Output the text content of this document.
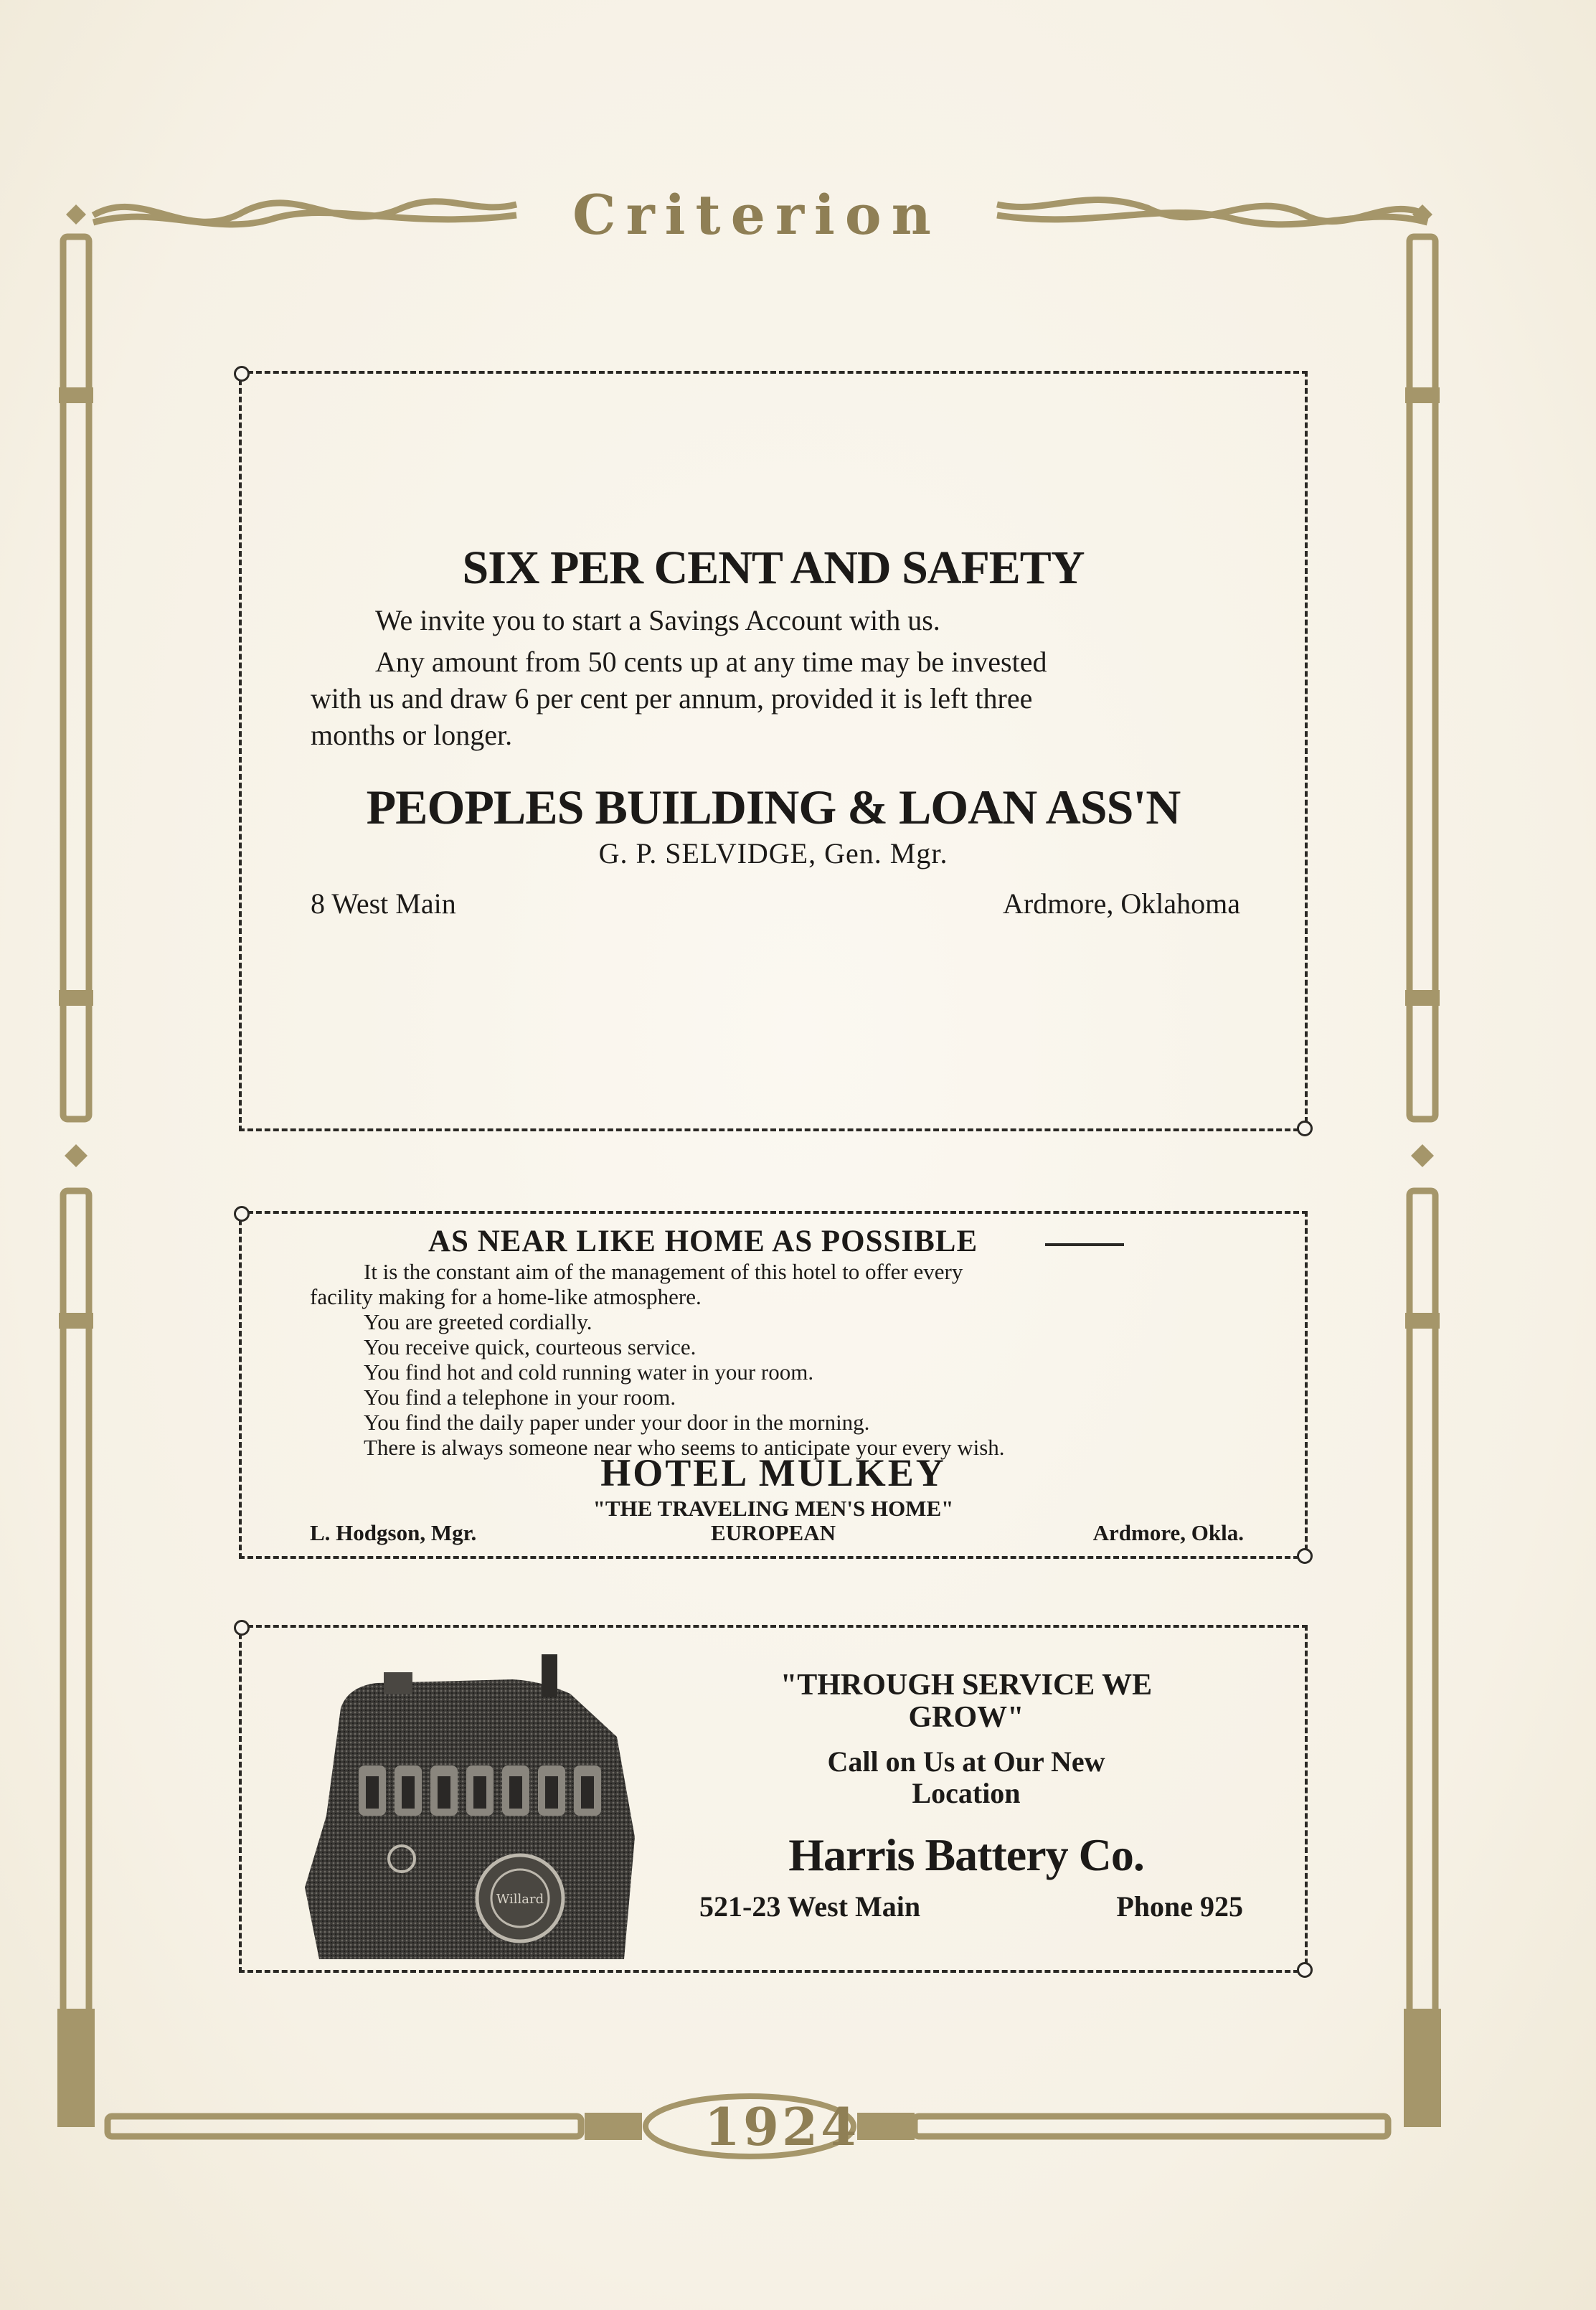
Criterion
1924
SIX PER CENT AND SAFETY
We invite you to start a Savings Account with us.
Any amount from 50 cents up at any time may be invested
with us and draw 6 per cent per annum, provided it is left three
months or longer.
PEOPLES BUILDING & LOAN ASS'N
G. P. SELVIDGE, Gen. Mgr.
8 West Main	Ardmore, Oklahoma
AS NEAR LIKE HOME AS POSSIBLE
It is the constant aim of the management of this hotel to offer every
facility making for a home-like atmosphere.
You are greeted cordially.
You receive quick, courteous service.
You find hot and cold running water in your room.
You find a telephone in your room.
You find the daily paper under your door in the morning.
There is always someone near who seems to anticipate your every wish.
HOTEL MULKEY
"THE TRAVELING MEN'S HOME"
EUROPEAN
L. Hodgson, Mgr.	Ardmore, Okla.
Willard
"THROUGH SERVICE WE
GROW"
Call on Us at Our New
Location
Harris Battery Co.
521-23 West Main	Phone 925
